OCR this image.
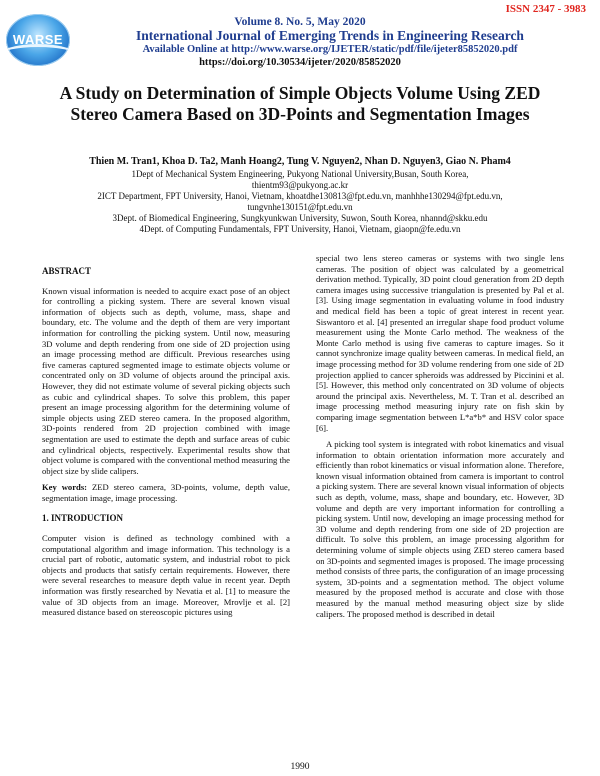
WARSE
ISSN 2347 - 3983
Volume 8. No. 5, May 2020
International Journal of Emerging Trends in Engineering Research
Available Online at http://www.warse.org/IJETER/static/pdf/file/ijeter85852020.pdf
https://doi.org/10.30534/ijeter/2020/85852020
A Study on Determination of Simple Objects Volume Using ZED Stereo Camera Based on 3D-Points and Segmentation Images
Thien M. Tran1, Khoa D. Ta2, Manh Hoang2, Tung V. Nguyen2, Nhan D. Nguyen3, Giao N. Pham4
1Dept of Mechanical System Engineering, Pukyong National University,Busan, South Korea,
thientm93@pukyong.ac.kr
2ICT Department, FPT University, Hanoi, Vietnam, khoatdhe130813@fpt.edu.vn, manhhhe130294@fpt.edu.vn,
tungvnhe130151@fpt.edu.vn
3Dept. of Biomedical Engineering, Sungkyunkwan University, Suwon, South Korea, nhannd@skku.edu
4Dept. of Computing Fundamentals, FPT University, Hanoi, Vietnam, giaopn@fe.edu.vn
ABSTRACT

Known visual information is needed to acquire exact pose of an object for controlling a picking system. There are several known visual information of objects such as depth, volume, mass, shape and boundary, etc. The volume and the depth of them are very important information for controlling the picking system. Until now, measuring 3D volume and depth rendering from one side of 2D projection using an image processing method are difficult. Previous researches using five cameras captured segmented image to estimate objects volume or concentrated only on 3D volume of objects around the principal axis. However, they did not estimate volume of several picking objects such as cubic and cylindrical shapes. To solve this problem, this paper present an image processing algorithm for the determining volume of simple objects using ZED stereo camera. In the proposed algorithm, 3D-points rendered from 2D projection combined with image segmentation are used to estimate the depth and surface areas of cubic and cylindrical objects, respectively. Experimental results show that object volume is compared with the conventional method measuring the object size by slide calipers.

Key words: ZED stereo camera, 3D-points, volume, depth value, segmentation image, image processing.

1. INTRODUCTION

Computer vision is defined as technology combined with a computational algorithm and image information. This technology is a crucial part of robotic, automatic system, and industrial robot to pick objects and products that satisfy certain requirements. However, there were several researches to measure depth value in recent year. Depth information was firstly researched by Nevatia et al. [1] to measure the value of 3D objects from an image. Moreover, Mrovlje et al. [2] measured distance based on stereoscopic pictures using

special two lens stereo cameras or systems with two single lens cameras. The position of object was calculated by a geometrical derivation method. Typically, 3D point cloud generation from 2D depth camera images using successive triangulation is presented by Pal et al. [3]. Using image segmentation in evaluating volume in food industry and medical field has been a topic of great interest in recent year. Siswantoro et al. [4] presented an irregular shape food product volume measurement using the Monte Carlo method. The weakness of the Monte Carlo method is using five cameras to capture images. So it cannot synchronize image quality between cameras. In medical field, an image processing method for 3D volume rendering from one side of 2D projection applied to cancer spheroids was addressed by Piccinini et al. [5]. However, this method only concentrated on 3D volume of objects around the principal axis. Nevertheless, M. T. Tran et al. described an image processing method measuring injury rate on fish skin by comparing image segmentation between L*a*b* and HSV color space [6].

A picking tool system is integrated with robot kinematics and visual information to obtain orientation information more accurately and efficiently than robot kinematics or visual information alone. Therefore, known visual information obtained from camera is important to control a picking system. There are several known visual information of objects such as depth, volume, mass, shape and boundary, etc. However, 3D volume and depth are very important information for controlling a picking system. Until now, developing an image processing method for 3D volume and depth rendering from one side of 2D projection are difficult. To solve this problem, an image processing algorithm for determining volume of simple objects using ZED stereo camera based on 3D-points and segmented images is proposed. The image processing method consists of three parts, the configuration of an image processing system, 3D-points and a segmentation method. The object volume measured by the proposed method is accurate and close with those measured by the manual method measuring object size by slide calipers. The proposed method is described in detail

1990
